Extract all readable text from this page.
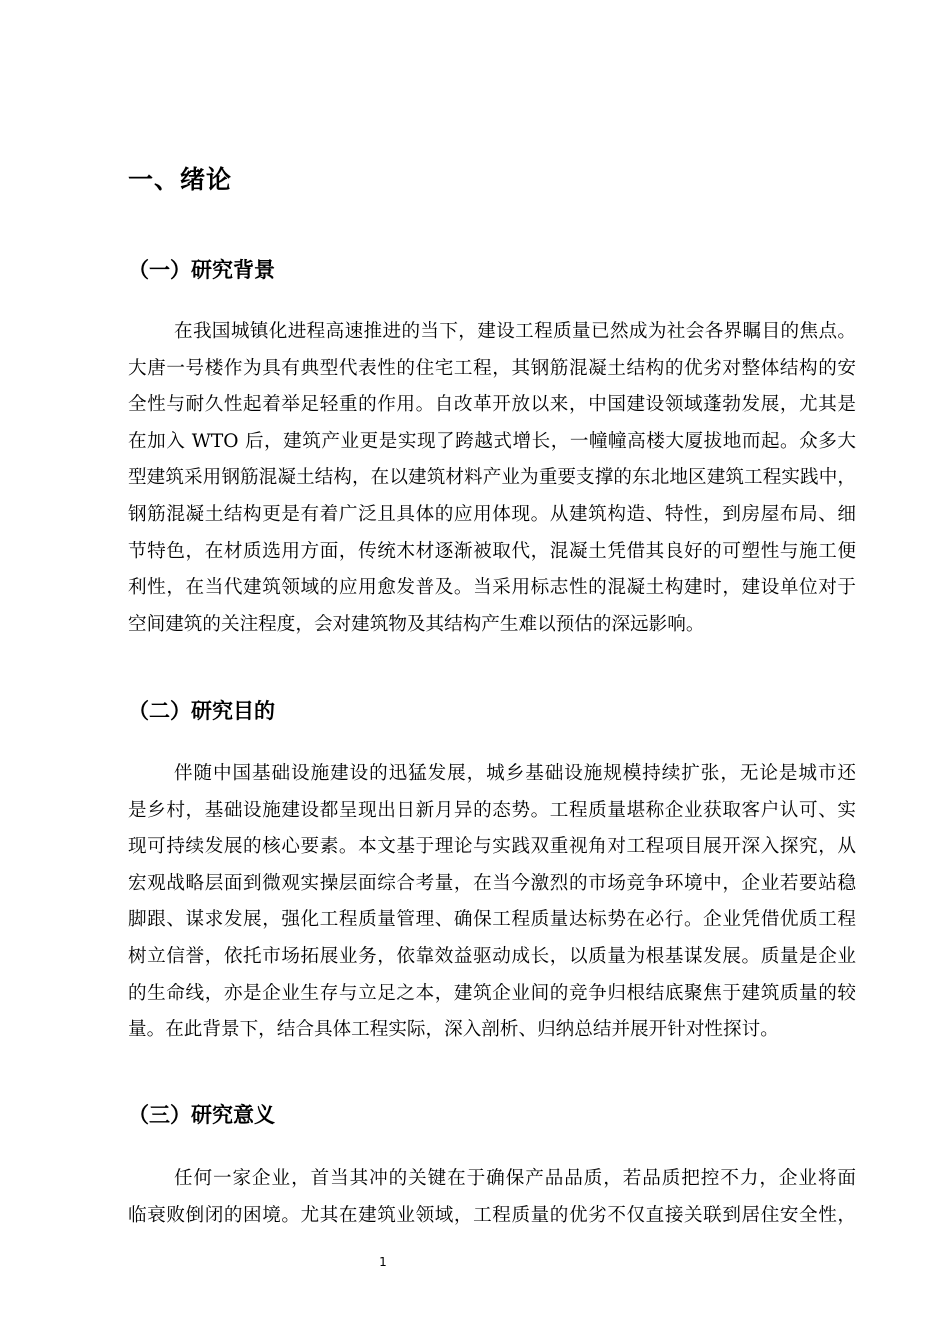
一、绪论
（一）研究背景
在我国城镇化进程高速推进的当下，建设工程质量已然成为社会各界瞩目的焦点。
大唐一号楼作为具有典型代表性的住宅工程，其钢筋混凝土结构的优劣对整体结构的安
全性与耐久性起着举足轻重的作用。自改革开放以来，中国建设领域蓬勃发展，尤其是
在加入 WTO 后，建筑产业更是实现了跨越式增长，一幢幢高楼大厦拔地而起。众多大
型建筑采用钢筋混凝土结构，在以建筑材料产业为重要支撑的东北地区建筑工程实践中，
钢筋混凝土结构更是有着广泛且具体的应用体现。从建筑构造、特性，到房屋布局、细
节特色，在材质选用方面，传统木材逐渐被取代，混凝土凭借其良好的可塑性与施工便
利性，在当代建筑领域的应用愈发普及。当采用标志性的混凝土构建时，建设单位对于
空间建筑的关注程度，会对建筑物及其结构产生难以预估的深远影响。
（二）研究目的
伴随中国基础设施建设的迅猛发展，城乡基础设施规模持续扩张，无论是城市还
是乡村，基础设施建设都呈现出日新月异的态势。工程质量堪称企业获取客户认可、实
现可持续发展的核心要素。本文基于理论与实践双重视角对工程项目展开深入探究，从
宏观战略层面到微观实操层面综合考量，在当今激烈的市场竞争环境中，企业若要站稳
脚跟、谋求发展，强化工程质量管理、确保工程质量达标势在必行。企业凭借优质工程
树立信誉，依托市场拓展业务，依靠效益驱动成长，以质量为根基谋发展。质量是企业
的生命线，亦是企业生存与立足之本，建筑企业间的竞争归根结底聚焦于建筑质量的较
量。在此背景下，结合具体工程实际，深入剖析、归纳总结并展开针对性探讨。
（三）研究意义
任何一家企业，首当其冲的关键在于确保产品品质，若品质把控不力，企业将面
临衰败倒闭的困境。尤其在建筑业领域，工程质量的优劣不仅直接关联到居住安全性，
1
